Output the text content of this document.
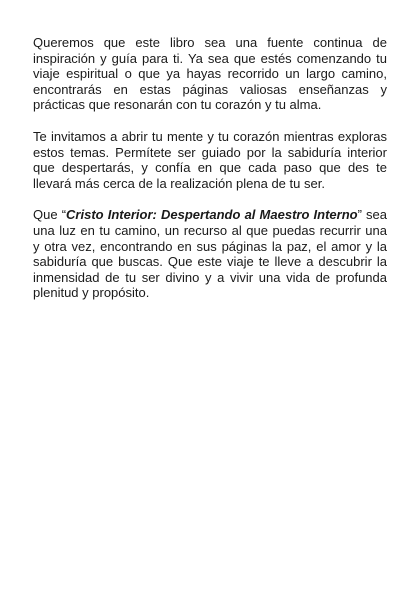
Queremos que este libro sea una fuente continua de inspiración y guía para ti. Ya sea que estés comenzando tu viaje espiritual o que ya hayas recorrido un largo camino, encontrarás en estas páginas valiosas enseñanzas y prácticas que resonarán con tu corazón y tu alma.

Te invitamos a abrir tu mente y tu corazón mientras exploras estos temas. Permítete ser guiado por la sabiduría interior que despertarás, y confía en que cada paso que des te llevará más cerca de la realización plena de tu ser.

Que “Cristo Interior: Despertando al Maestro Interno” sea una luz en tu camino, un recurso al que puedas recurrir una y otra vez, encontrando en sus páginas la paz, el amor y la sabiduría que buscas. Que este viaje te lleve a descubrir la inmensidad de tu ser divino y a vivir una vida de profunda plenitud y propósito.
